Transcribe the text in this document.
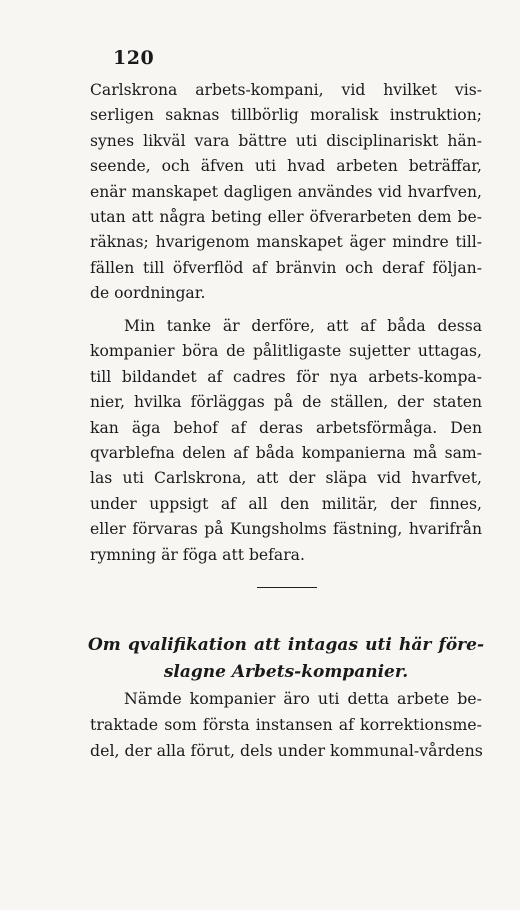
120
Carlskrona arbets-kompani, vid hvilket vis-
serligen saknas tillbörlig moralisk instruktion;
synes likväl vara bättre uti disciplinariskt hän-
seende, och äfven uti hvad arbeten beträffar,
enär manskapet dagligen användes vid hvarfven,
utan att några beting eller öfverarbeten dem be-
räknas; hvarigenom manskapet äger mindre till-
fällen till öfverflöd af bränvin och deraf följan-
de oordningar.
Min tanke är derföre, att af båda dessa
kompanier böra de pålitligaste sujetter uttagas,
till bildandet af cadres för nya arbets-kompa-
nier, hvilka förläggas på de ställen, der staten
kan äga behof af deras arbetsförmåga. Den
qvarblefna delen af båda kompanierna må sam-
las uti Carlskrona, att der släpa vid hvarfvet,
under uppsigt af all den militär, der finnes,
eller förvaras på Kungsholms fästning, hvarifrån
rymning är föga att befara.
Om qvalifikation att intagas uti här före-
slagne Arbets-kompanier.
Nämde kompanier äro uti detta arbete be-
traktade som första instansen af korrektionsme-
del, der alla förut, dels under kommunal-vårdens
